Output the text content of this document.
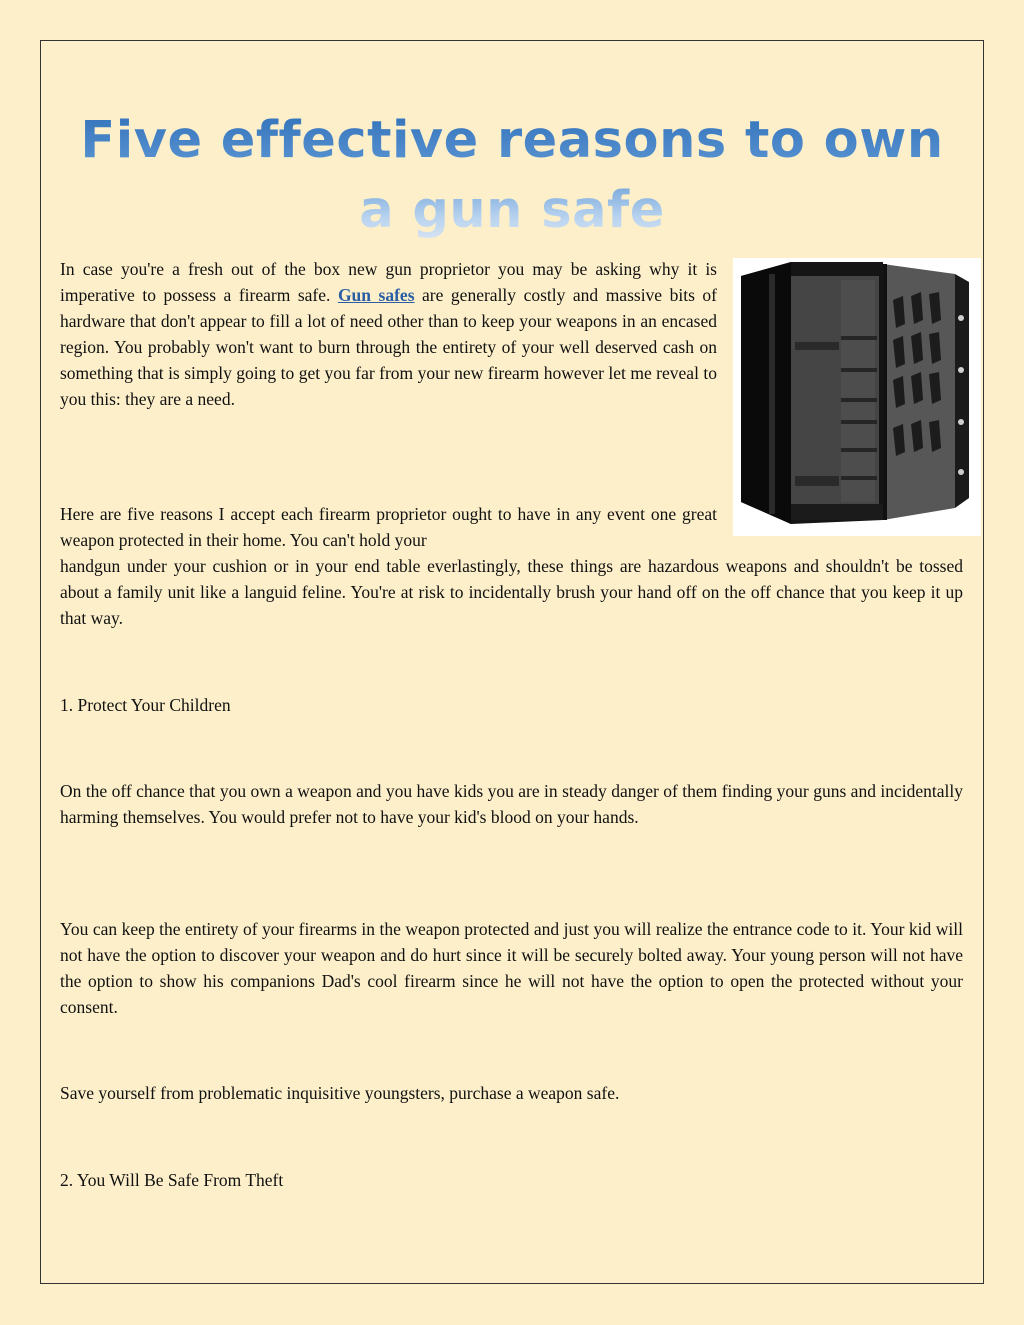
Five effective reasons to own a gun safe

In case you're a fresh out of the box new gun proprietor you may be asking why it is imperative to possess a firearm safe. Gun safes are generally costly and massive bits of hardware that don't appear to fill a lot of need other than to keep your weapons in an encased region. You probably won't want to burn through the entirety of your well deserved cash on something that is simply going to get you far from your new firearm however let me reveal to you this: they are a need.

Here are five reasons I accept each firearm proprietor ought to have in any event one great weapon protected in their home. You can't hold your

handgun under your cushion or in your end table everlastingly, these things are hazardous weapons and shouldn't be tossed about a family unit like a languid feline. You're at risk to incidentally brush your hand off on the off chance that you keep it up that way.

1. Protect Your Children

On the off chance that you own a weapon and you have kids you are in steady danger of them finding your guns and incidentally harming themselves. You would prefer not to have your kid's blood on your hands.

You can keep the entirety of your firearms in the weapon protected and just you will realize the entrance code to it. Your kid will not have the option to discover your weapon and do hurt since it will be securely bolted away. Your young person will not have the option to show his companions Dad's cool firearm since he will not have the option to open the protected without your consent.

Save yourself from problematic inquisitive youngsters, purchase a weapon safe.

2. You Will Be Safe From Theft
